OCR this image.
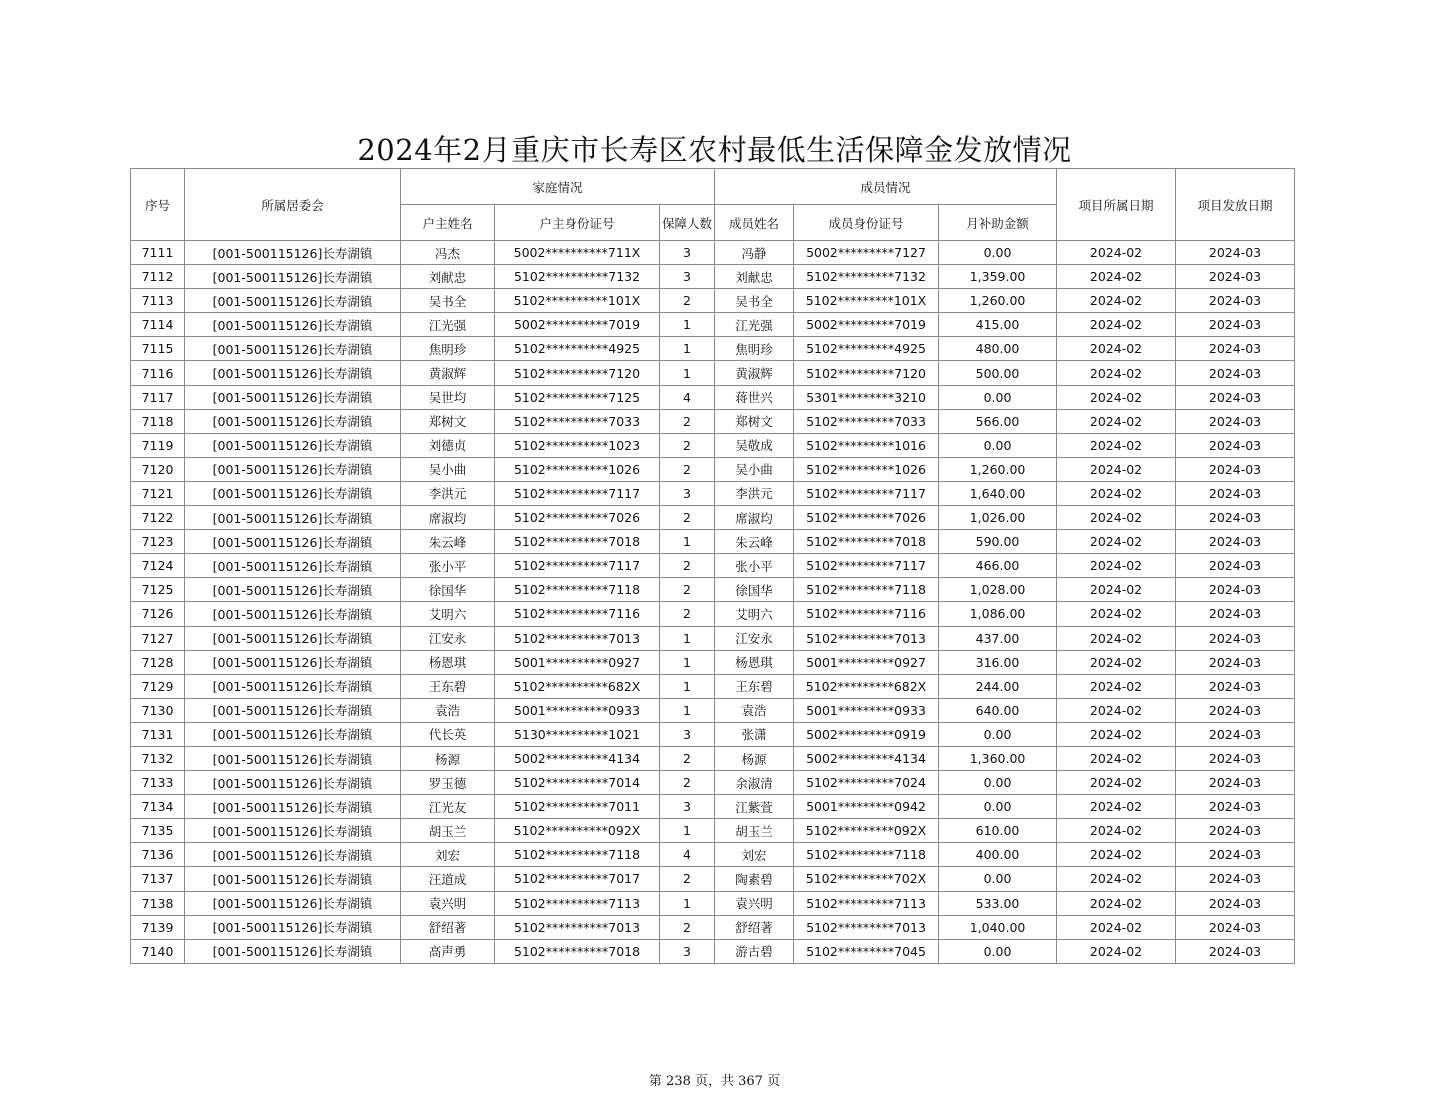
2024年2月重庆市长寿区农村最低生活保障金发放情况
序号	所属居委会	家庭情况			成员情况			项目所属日期	项目发放日期
		户主姓名	户主身份证号	保障人数	成员姓名	成员身份证号	月补助金额		
7111	[001-500115126]长寿湖镇	冯杰	5002**********711X	3	冯静	5002*********7127	0.00	2024-02	2024-03
7112	[001-500115126]长寿湖镇	刘献忠	5102**********7132	3	刘献忠	5102*********7132	1,359.00	2024-02	2024-03
7113	[001-500115126]长寿湖镇	吴书全	5102**********101X	2	吴书全	5102*********101X	1,260.00	2024-02	2024-03
7114	[001-500115126]长寿湖镇	江光强	5002**********7019	1	江光强	5002*********7019	415.00	2024-02	2024-03
7115	[001-500115126]长寿湖镇	焦明珍	5102**********4925	1	焦明珍	5102*********4925	480.00	2024-02	2024-03
7116	[001-500115126]长寿湖镇	黄淑辉	5102**********7120	1	黄淑辉	5102*********7120	500.00	2024-02	2024-03
7117	[001-500115126]长寿湖镇	吴世均	5102**********7125	4	蒋世兴	5301*********3210	0.00	2024-02	2024-03
7118	[001-500115126]长寿湖镇	郑树文	5102**********7033	2	郑树文	5102*********7033	566.00	2024-02	2024-03
7119	[001-500115126]长寿湖镇	刘德贞	5102**********1023	2	吴敬成	5102*********1016	0.00	2024-02	2024-03
7120	[001-500115126]长寿湖镇	吴小曲	5102**********1026	2	吴小曲	5102*********1026	1,260.00	2024-02	2024-03
7121	[001-500115126]长寿湖镇	李洪元	5102**********7117	3	李洪元	5102*********7117	1,640.00	2024-02	2024-03
7122	[001-500115126]长寿湖镇	席淑均	5102**********7026	2	席淑均	5102*********7026	1,026.00	2024-02	2024-03
7123	[001-500115126]长寿湖镇	朱云峰	5102**********7018	1	朱云峰	5102*********7018	590.00	2024-02	2024-03
7124	[001-500115126]长寿湖镇	张小平	5102**********7117	2	张小平	5102*********7117	466.00	2024-02	2024-03
7125	[001-500115126]长寿湖镇	徐国华	5102**********7118	2	徐国华	5102*********7118	1,028.00	2024-02	2024-03
7126	[001-500115126]长寿湖镇	艾明六	5102**********7116	2	艾明六	5102*********7116	1,086.00	2024-02	2024-03
7127	[001-500115126]长寿湖镇	江安永	5102**********7013	1	江安永	5102*********7013	437.00	2024-02	2024-03
7128	[001-500115126]长寿湖镇	杨恩琪	5001**********0927	1	杨恩琪	5001*********0927	316.00	2024-02	2024-03
7129	[001-500115126]长寿湖镇	王东碧	5102**********682X	1	王东碧	5102*********682X	244.00	2024-02	2024-03
7130	[001-500115126]长寿湖镇	袁浩	5001**********0933	1	袁浩	5001*********0933	640.00	2024-02	2024-03
7131	[001-500115126]长寿湖镇	代长英	5130**********1021	3	张潇	5002*********0919	0.00	2024-02	2024-03
7132	[001-500115126]长寿湖镇	杨源	5002**********4134	2	杨源	5002*********4134	1,360.00	2024-02	2024-03
7133	[001-500115126]长寿湖镇	罗玉德	5102**********7014	2	余淑清	5102*********7024	0.00	2024-02	2024-03
7134	[001-500115126]长寿湖镇	江光友	5102**********7011	3	江紫萱	5001*********0942	0.00	2024-02	2024-03
7135	[001-500115126]长寿湖镇	胡玉兰	5102**********092X	1	胡玉兰	5102*********092X	610.00	2024-02	2024-03
7136	[001-500115126]长寿湖镇	刘宏	5102**********7118	4	刘宏	5102*********7118	400.00	2024-02	2024-03
7137	[001-500115126]长寿湖镇	汪道成	5102**********7017	2	陶素碧	5102*********702X	0.00	2024-02	2024-03
7138	[001-500115126]长寿湖镇	袁兴明	5102**********7113	1	袁兴明	5102*********7113	533.00	2024-02	2024-03
7139	[001-500115126]长寿湖镇	舒绍著	5102**********7013	2	舒绍著	5102*********7013	1,040.00	2024-02	2024-03
7140	[001-500115126]长寿湖镇	高声勇	5102**********7018	3	游古碧	5102*********7045	0.00	2024-02	2024-03
第 238 页，共 367 页
